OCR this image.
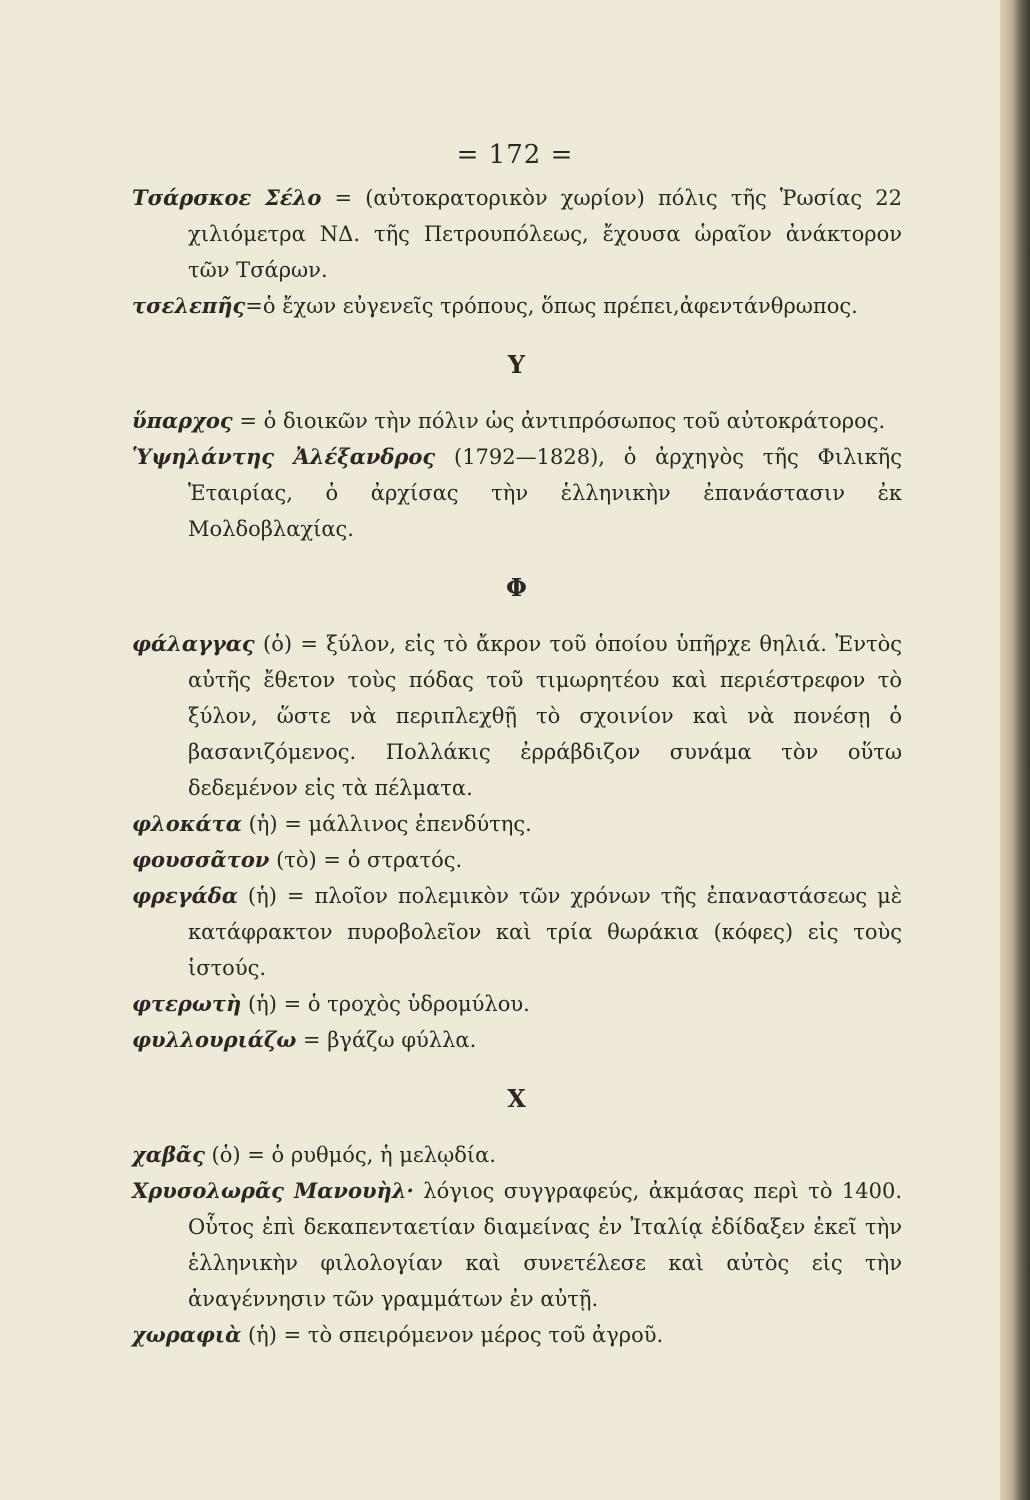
= 172 =

Τσάρσκοε Σέλο = (αὐτοκρατορικὸν χωρίον) πόλις τῆς Ῥωσίας 22 χιλιόμετρα ΝΔ. τῆς Πετρουπόλεως, ἔχουσα ὡραῖον ἀνάκτορον τῶν Τσάρων.

τσελεπῆς=ὁ ἔχων εὐγενεῖς τρόπους, ὅπως πρέπει,ἀφεντάνθρωπος.

Υ

ὕπαρχος = ὁ διοικῶν τὴν πόλιν ὡς ἀντιπρόσωπος τοῦ αὐτοκράτορος.

Ὑψηλάντης Ἀλέξανδρος (1792—1828), ὁ ἀρχηγὸς τῆς Φιλικῆς Ἑταιρίας, ὁ ἀρχίσας τὴν ἑλληνικὴν ἐπανάστασιν ἐκ Μολδοβλαχίας.

Φ

φάλαγγας (ὁ) = ξύλον, εἰς τὸ ἄκρον τοῦ ὁποίου ὑπῆρχε θηλιά. Ἐντὸς αὐτῆς ἔθετον τοὺς πόδας τοῦ τιμωρητέου καὶ περιέστρεφον τὸ ξύλον, ὥστε νὰ περιπλεχθῇ τὸ σχοινίον καὶ νὰ πονέσῃ ὁ βασανιζόμενος. Πολλάκις ἐρράβδιζον συνάμα τὸν οὕτω δεδεμένον εἰς τὰ πέλματα.

φλοκάτα (ἡ) = μάλλινος ἐπενδύτης.

φουσσᾶτον (τὸ) = ὁ στρατός.

φρεγάδα (ἡ) = πλοῖον πολεμικὸν τῶν χρόνων τῆς ἐπαναστάσεως μὲ κατάφρακτον πυροβολεῖον καὶ τρία θωράκια (κόφες) εἰς τοὺς ἱστούς.

φτερωτὴ (ἡ) = ὁ τροχὸς ὑδρομύλου.

φυλλουριάζω = βγάζω φύλλα.

Χ

χαβᾶς (ὁ) = ὁ ρυθμός, ἡ μελῳδία.

Χρυσολωρᾶς Μανουὴλ· λόγιος συγγραφεύς, ἀκμάσας περὶ τὸ 1400. Οὗτος ἐπὶ δεκαπενταετίαν διαμείνας ἐν Ἰταλίᾳ ἐδίδαξεν ἐκεῖ τὴν ἑλληνικὴν φιλολογίαν καὶ συνετέλεσε καὶ αὐτὸς εἰς τὴν ἀναγέννησιν τῶν γραμμάτων ἐν αὐτῇ.

χωραφιὰ (ἡ) = τὸ σπειρόμενον μέρος τοῦ ἀγροῦ.
